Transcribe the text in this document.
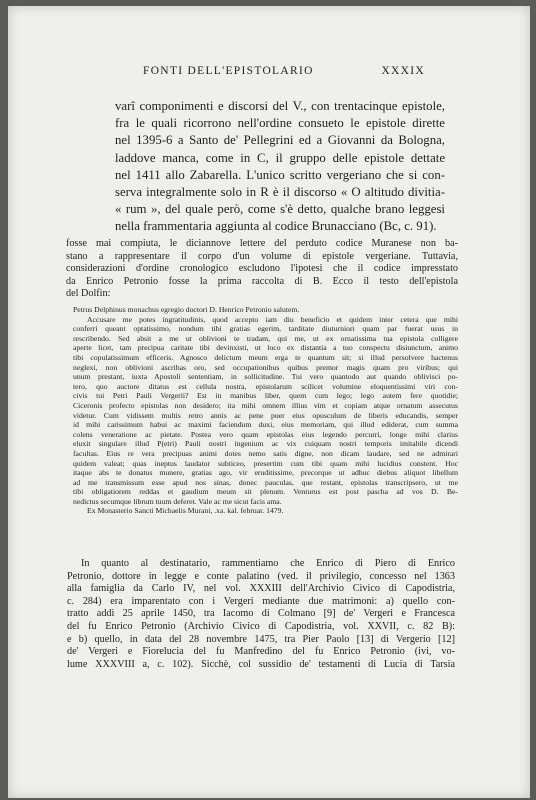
FONTI DELL'EPISTOLARIO	XXXIX
varî componimenti e discorsi del V., con trentacinque epistole,
fra le quali ricorrono nell'ordine consueto le epistole dirette
nel 1395-6 a Santo de' Pellegrini ed a Giovanni da Bologna,
laddove manca, come in C, il gruppo delle epistole dettate
nel 1411 allo Zabarella. L'unico scritto vergeriano che si con-
serva integralmente solo in R è il discorso « O altitudo divitia-
« rum », del quale però, come s'è detto, qualche brano leggesi
nella frammentaria aggiunta al codice Brunacciano (Bc, c. 91).
fosse mai compiuta, le diciannove lettere del perduto codice Muranese non ba-
stano a rappresentare il corpo d'un volume di epistole vergeriane. Tuttavia,
considerazioni d'ordine cronologico escludono l'ipotesi che il codice impresstato
da Enrico Petronio fosse la prima raccolta di B. Ecco il testo dell'epistola
del Dolfin:
Petrus Delphinus monachus egregio doctori D. Henrico Petronio salutem.
Accusare me potes ingratitudinis, quod accepto iam diu beneficio et quidem inter cetera que mihi
conferri queant optatissimo, nondum tibi gratias egerim, tarditate diuturniori quam par fuerat usus in
rescribendo. Sed absit a me ut oblivioni te tradam, qui me, ut ex ornatissima tua epistola colligere
aperte licet, tam precipua caritate tibi devinxisti, ut loco ex distantia a tuo conspectu disiunctum, animo
tibi copulatissimum efficeris. Agnosco delictum meum erga te quantum sit; si illud persolvere hactenus
neglexi, non oblivioni ascribas oro, sed occupationibus quibus premor magis quam pro viribus; qui
unum prestant, iuxta Apostoli sententiam, in sollicitudine. Tui vero quantodo aut quando oblivisci po-
tero, quo auctore ditatus est cellula nostra, epistolarum scilicet volumine eloquentissimi viri con-
civis tui Petri Pauli Vergerii? Est in manibus liber, quem cum lego; lego autem fere quotidie;
Ciceronis profecto epistolas non desidero; ita mihi omnem illius vim et copiam atque ornatum assecutus
videtur. Cum vidissem multis retro annis ac pene puer eius opusculum de liberis educandis, semper
id mihi carissimum habui ac maximi faciendum duxi, eius memoriam, qui illud ediderat, cum summa
colens veneratione ac pietate. Postea vero quam epistolas eius legendo percurri, longe mihi clarius
eluxit singulare illud P(etri) Pauli nostri ingenium ac vix cuiquam nostri temporis imitabile dicendi
facultas. Eius re vera precipuas animi dotes nemo satis digne, non dicam laudare, sed ne admirari
quidem valeat; quas ineptus laudator subticeo, presertim cum tibi quam mihi lucidius constent. Hoc
itaque abs te donatus munere, gratias ago, vir eruditissime, precorque ut adhuc diebus aliquot libellum
ad me transmissum esse apud nos sinas, donec pauculas, que restant, epistolas transcripsero, ut me
tibi obligatiorem reddas et gaudium meum sit plenum. Venturus est post pascha ad vos D. Be-
nedictus secumque librum tuum deferet. Vale ac me sicut facis ama.
Ex Monasterio Sancti Michaelis Murani, .xa. kal. februar. 1479.
In quanto al destinatario, rammentiamo che Enrico di Piero di Enrico
Petronio, dottore in legge e conte palatino (ved. il privilegio, concesso nel 1363
alla famiglia da Carlo IV, nel vol. XXXIII dell'Archivio Civico di Capodistria,
c. 284) era imparentato con i Vergeri mediante due matrimoni: a) quello con-
tratto addì 25 aprile 1450, tra Iacomo di Colmano [9] de' Vergeri e Francesca
del fu Enrico Petronio (Archivio Civico di Capodistria, vol. XXVII, c. 82 B):
e b) quello, in data del 28 novembre 1475, tra Pier Paolo [13] di Vergerio [12]
de' Vergeri e Fiorelucia del fu Manfredino del fu Enrico Petronio (ivi, vo-
lume XXXVIII a, c. 102). Sicchè, col sussidio de' testamenti di Lucia di Tarsia
